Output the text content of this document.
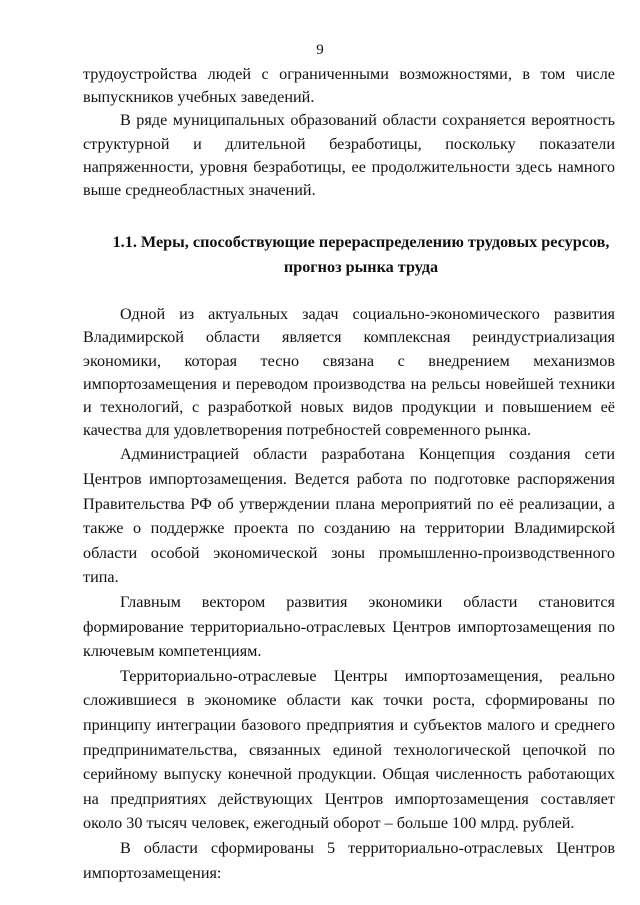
9

трудоустройства людей с ограниченными возможностями, в том числе выпускников учебных заведений.

В ряде муниципальных образований области сохраняется вероятность структурной и длительной безработицы, поскольку показатели напряженности, уровня безработицы, ее продолжительности здесь намного выше среднеобластных значений.

1.1. Меры, способствующие перераспределению трудовых ресурсов,
прогноз рынка труда

Одной из актуальных задач социально-экономического развития Владимирской области является комплексная реиндустриализация экономики, которая тесно связана с внедрением механизмов импортозамещения и переводом производства на рельсы новейшей техники и технологий, с разработкой новых видов продукции и повышением её качества для удовлетворения потребностей современного рынка.

Администрацией области разработана Концепция создания сети Центров импортозамещения. Ведется работа по подготовке распоряжения Правительства РФ об утверждении плана мероприятий по её реализации, а также о поддержке проекта по созданию на территории Владимирской области особой экономической зоны промышленно-производственного типа.

Главным вектором развития экономики области становится формирование территориально-отраслевых Центров импортозамещения по ключевым компетенциям.

Территориально-отраслевые Центры импортозамещения, реально сложившиеся в экономике области как точки роста, сформированы по принципу интеграции базового предприятия и субъектов малого и среднего предпринимательства, связанных единой технологической цепочкой по серийному выпуску конечной продукции. Общая численность работающих на предприятиях действующих Центров импортозамещения составляет около 30 тысяч человек, ежегодный оборот – больше 100 млрд. рублей.

В области сформированы 5 территориально-отраслевых Центров импортозамещения:
